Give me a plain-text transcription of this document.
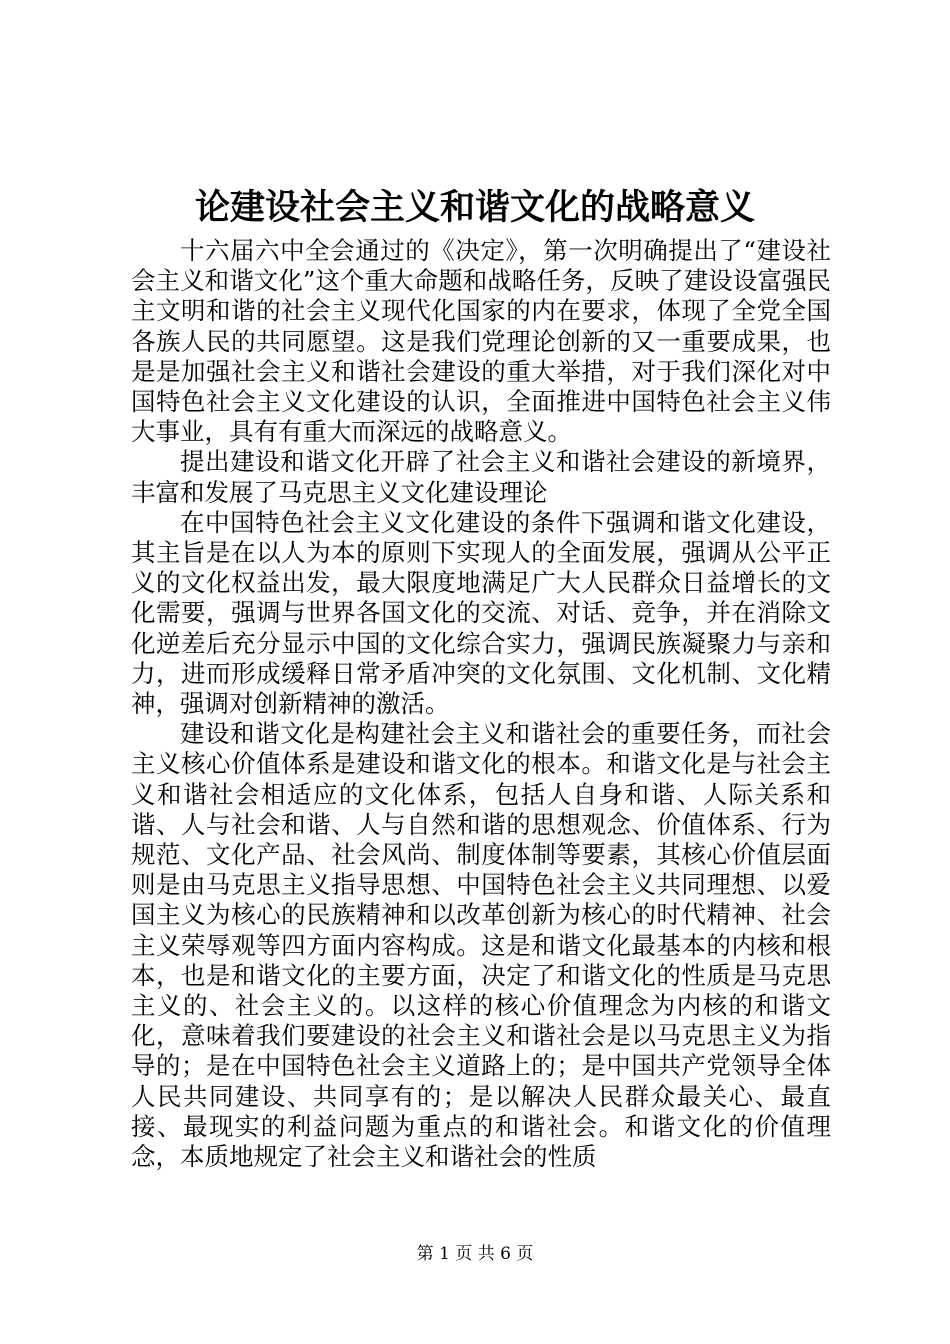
论建设社会主义和谐文化的战略意义

十六届六中全会通过的《决定》，第一次明确提出了“建设社会主义和谐文化”这个重大命题和战略任务，反映了建设设富强民主文明和谐的社会主义现代化国家的内在要求，体现了全党全国各族人民的共同愿望。这是我们党理论创新的又一重要成果，也是是加强社会主义和谐社会建设的重大举措，对于我们深化对中国特色社会主义文化建设的认识，全面推进中国特色社会主义伟大事业，具有有重大而深远的战略意义。

提出建设和谐文化开辟了社会主义和谐社会建设的新境界，丰富和发展了马克思主义文化建设理论

在中国特色社会主义文化建设的条件下强调和谐文化建设，其主旨是在以人为本的原则下实现人的全面发展，强调从公平正义的文化权益出发，最大限度地满足广大人民群众日益增长的文化需要，强调与世界各国文化的交流、对话、竞争，并在消除文化逆差后充分显示中国的文化综合实力，强调民族凝聚力与亲和力，进而形成缓释日常矛盾冲突的文化氛围、文化机制、文化精神，强调对创新精神的激活。

建设和谐文化是构建社会主义和谐社会的重要任务，而社会主义核心价值体系是建设和谐文化的根本。和谐文化是与社会主义和谐社会相适应的文化体系，包括人自身和谐、人际关系和谐、人与社会和谐、人与自然和谐的思想观念、价值体系、行为规范、文化产品、社会风尚、制度体制等要素，其核心价值层面则是由马克思主义指导思想、中国特色社会主义共同理想、以爱国主义为核心的民族精神和以改革创新为核心的时代精神、社会主义荣辱观等四方面内容构成。这是和谐文化最基本的内核和根本，也是和谐文化的主要方面，决定了和谐文化的性质是马克思主义的、社会主义的。以这样的核心价值理念为内核的和谐文化，意味着我们要建设的社会主义和谐社会是以马克思主义为指导的；是在中国特色社会主义道路上的；是中国共产党领导全体人民共同建设、共同享有的；是以解决人民群众最关心、最直接、最现实的利益问题为重点的和谐社会。和谐文化的价值理念，本质地规定了社会主义和谐社会的性质

第 1 页 共 6 页
